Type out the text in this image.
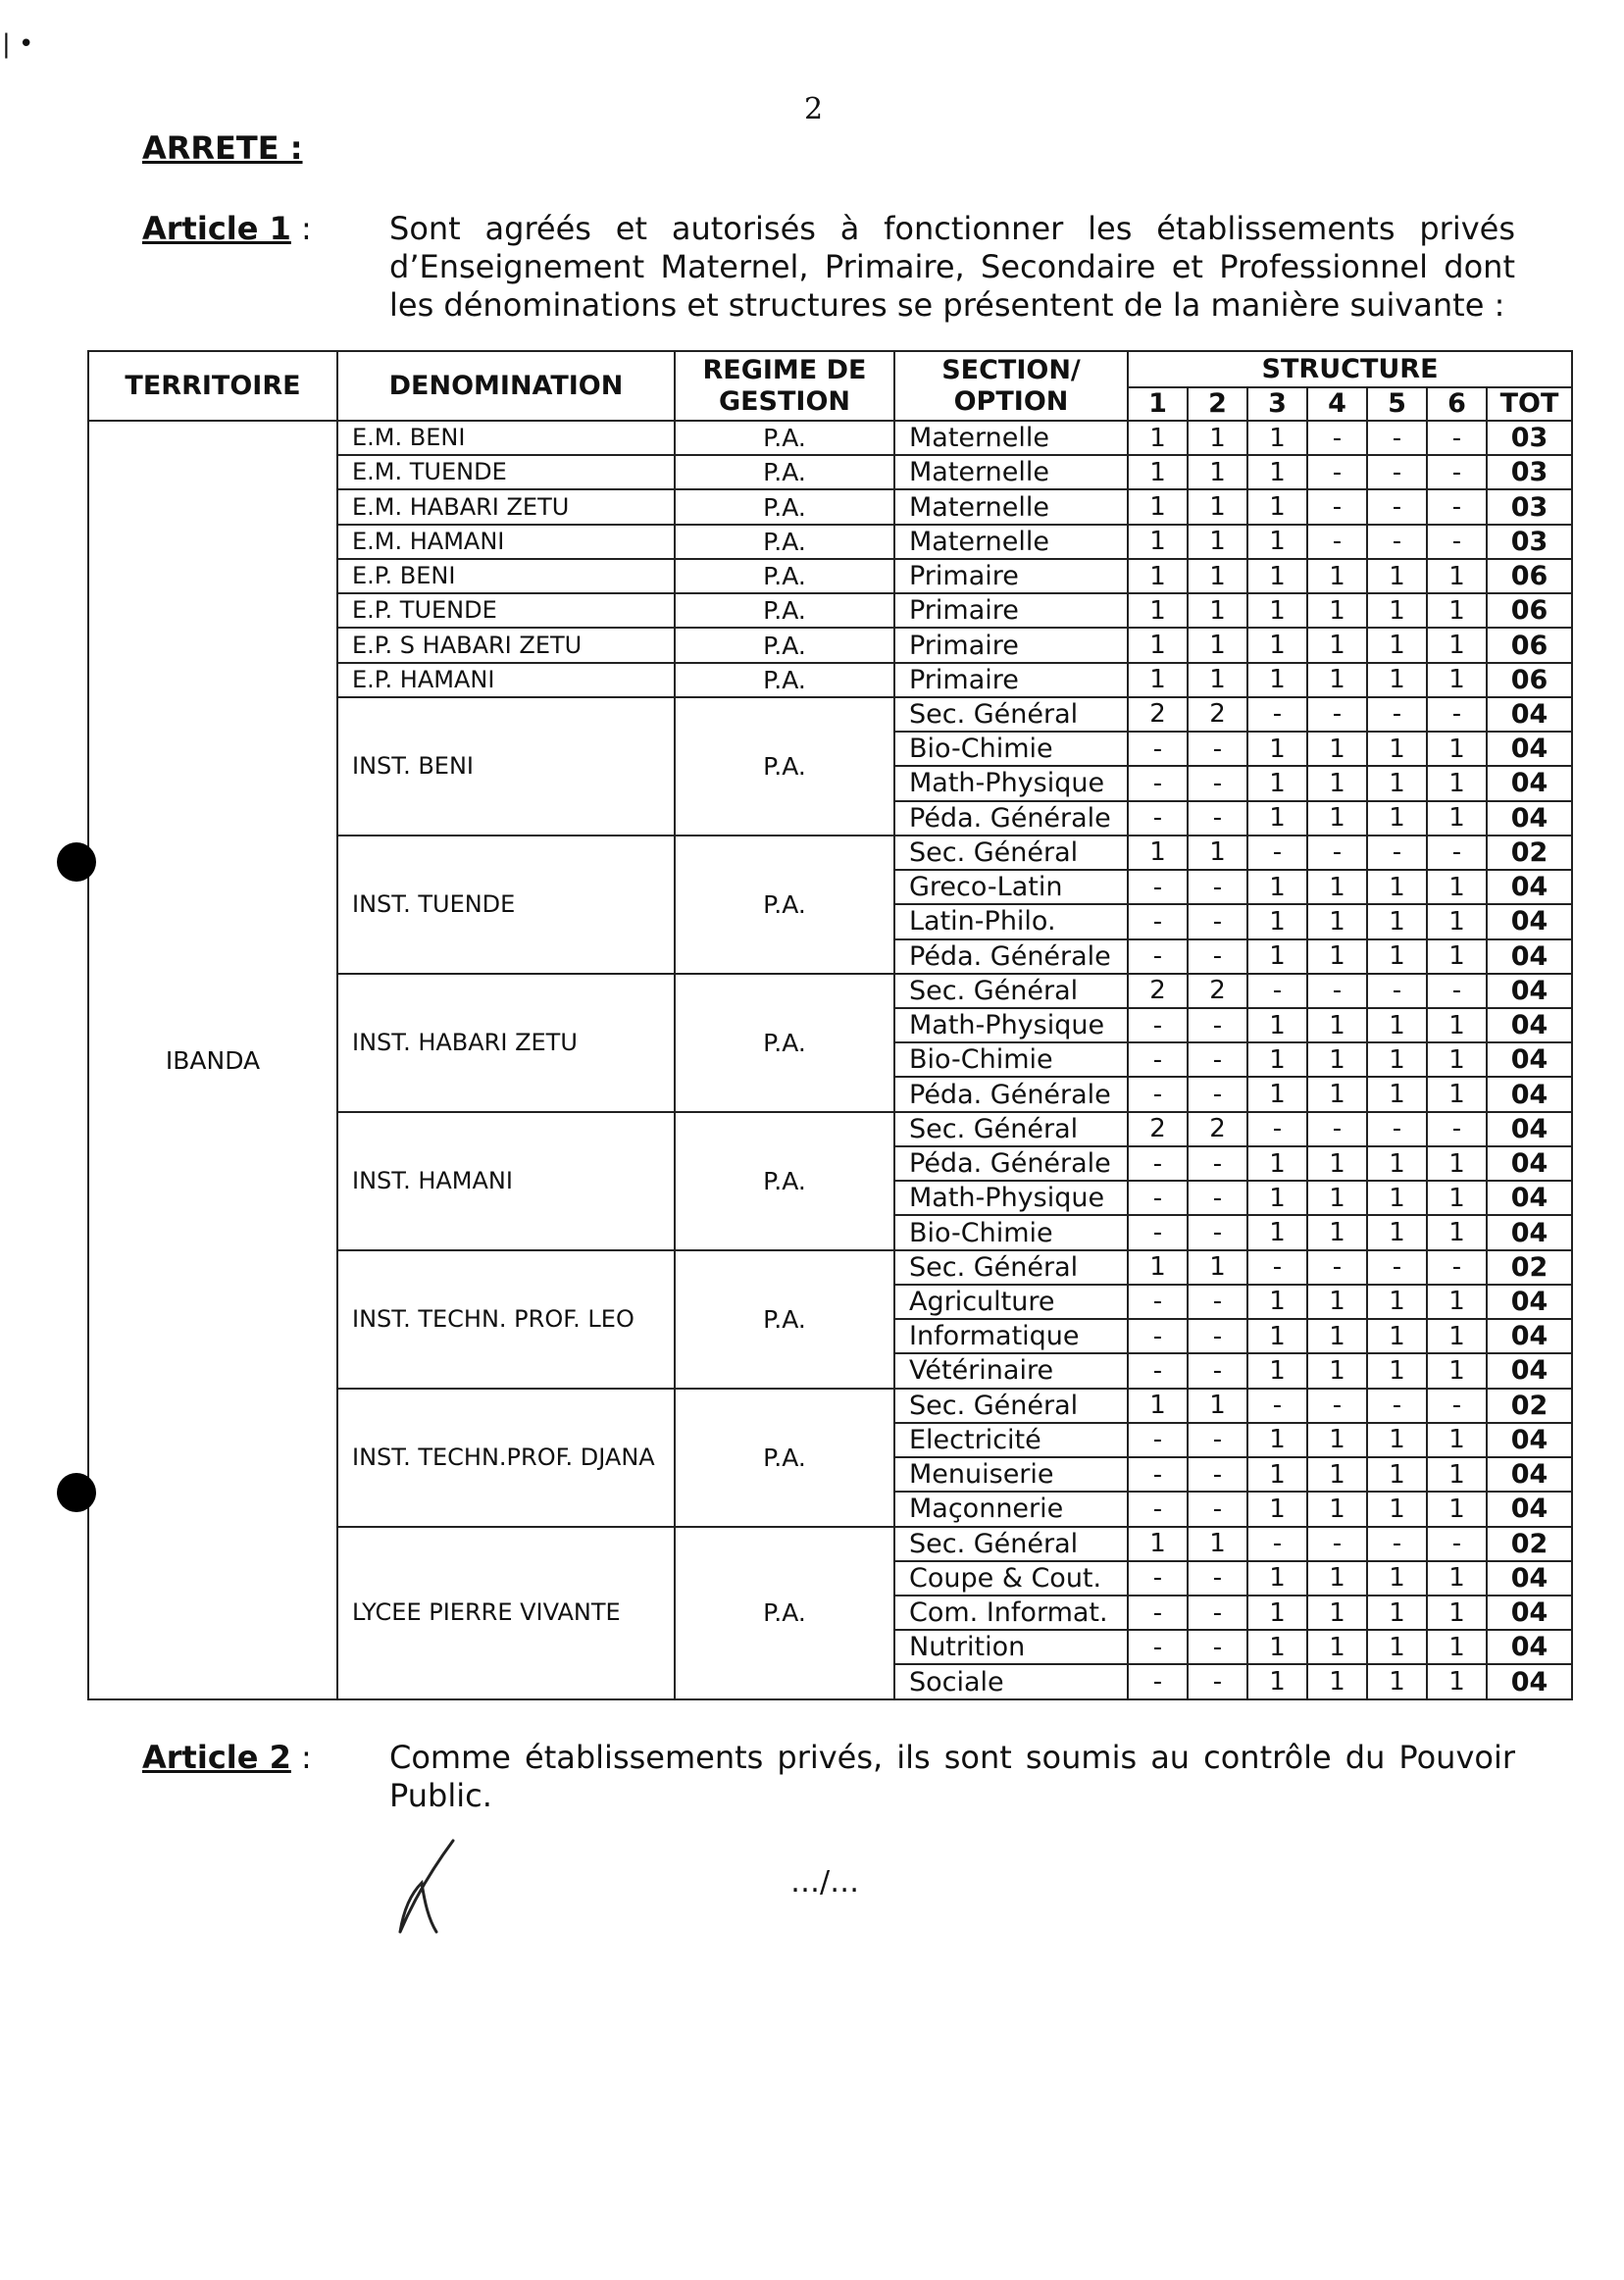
| •
2
ARRETE :
Article 1 : Sont agréés et autorisés à fonctionner les établissements privés d’Enseignement Maternel, Primaire, Secondaire et Professionnel dont les dénominations et structures se présentent de la manière suivante :
TERRITOIRE	DENOMINATION	REGIME DE GESTION	SECTION/ OPTION	STRUCTURE						
				1	2	3	4	5	6	TOT
IBANDA	E.M. BENI	P.A.	Maternelle	1	1	1	-	-	-	03
	E.M. TUENDE	P.A.	Maternelle	1	1	1	-	-	-	03
	E.M. HABARI ZETU	P.A.	Maternelle	1	1	1	-	-	-	03
	E.M. HAMANI	P.A.	Maternelle	1	1	1	-	-	-	03
	E.P. BENI	P.A.	Primaire	1	1	1	1	1	1	06
	E.P. TUENDE	P.A.	Primaire	1	1	1	1	1	1	06
	E.P. S HABARI ZETU	P.A.	Primaire	1	1	1	1	1	1	06
	E.P. HAMANI	P.A.	Primaire	1	1	1	1	1	1	06
	INST. BENI	P.A.	Sec. Général	2	2	-	-	-	-	04
			Bio-Chimie	-	-	1	1	1	1	04
			Math-Physique	-	-	1	1	1	1	04
			Péda. Générale	-	-	1	1	1	1	04
	INST. TUENDE	P.A.	Sec. Général	1	1	-	-	-	-	02
			Greco-Latin	-	-	1	1	1	1	04
			Latin-Philo.	-	-	1	1	1	1	04
			Péda. Générale	-	-	1	1	1	1	04
	INST. HABARI ZETU	P.A.	Sec. Général	2	2	-	-	-	-	04
			Math-Physique	-	-	1	1	1	1	04
			Bio-Chimie	-	-	1	1	1	1	04
			Péda. Générale	-	-	1	1	1	1	04
	INST. HAMANI	P.A.	Sec. Général	2	2	-	-	-	-	04
			Péda. Générale	-	-	1	1	1	1	04
			Math-Physique	-	-	1	1	1	1	04
			Bio-Chimie	-	-	1	1	1	1	04
	INST. TECHN. PROF. LEO	P.A.	Sec. Général	1	1	-	-	-	-	02
			Agriculture	-	-	1	1	1	1	04
			Informatique	-	-	1	1	1	1	04
			Vétérinaire	-	-	1	1	1	1	04
	INST. TECHN.PROF. DJANA	P.A.	Sec. Général	1	1	-	-	-	-	02
			Electricité	-	-	1	1	1	1	04
			Menuiserie	-	-	1	1	1	1	04
			Maçonnerie	-	-	1	1	1	1	04
	LYCEE PIERRE VIVANTE	P.A.	Sec. Général	1	1	-	-	-	-	02
			Coupe & Cout.	-	-	1	1	1	1	04
			Com. Informat.	-	-	1	1	1	1	04
			Nutrition	-	-	1	1	1	1	04
			Sociale	-	-	1	1	1	1	04
Article 2 : Comme établissements privés, ils sont soumis au contrôle du Pouvoir Public.
…/…
